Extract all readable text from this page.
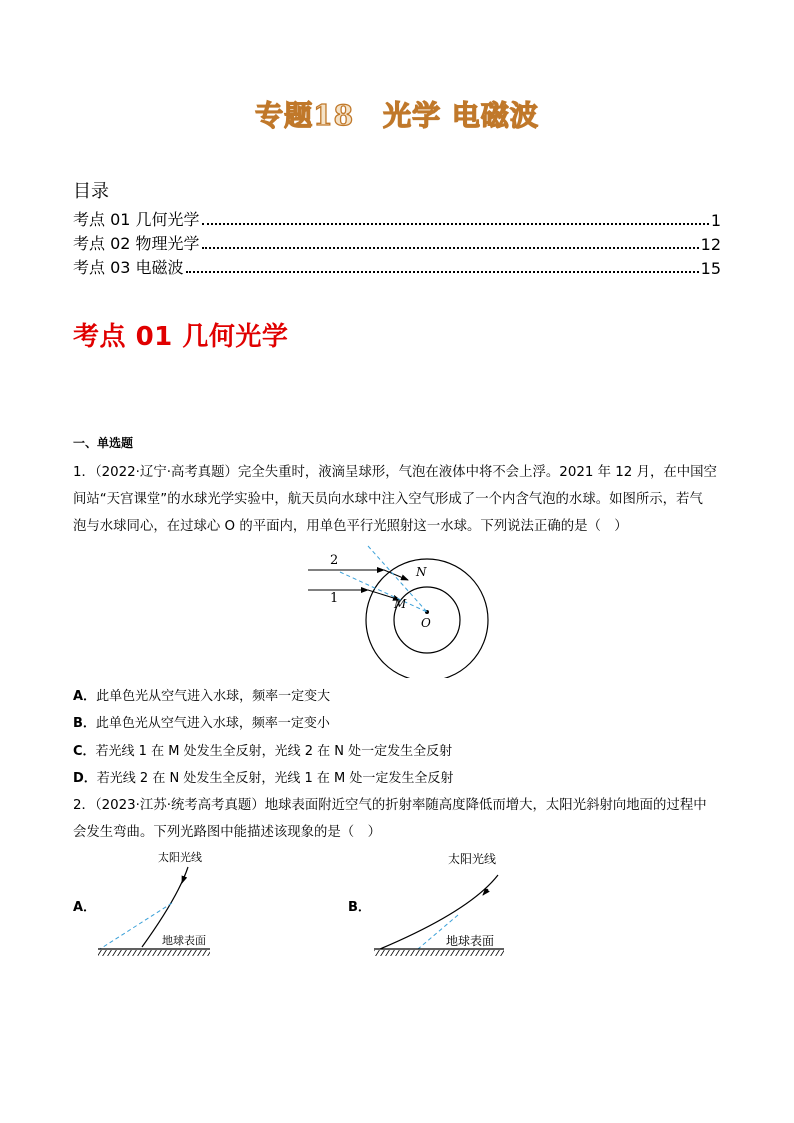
专题18　光学 电磁波
目录
考点 01 几何光学	1
考点 02 物理光学	12
考点 03 电磁波	15
考点 01 几何光学
一、单选题
1．（2022·辽宁·高考真题）完全失重时，液滴呈球形，气泡在液体中将不会上浮。2021 年 12 月，在中国空
间站“天宫课堂”的水球光学实验中，航天员向水球中注入空气形成了一个内含气泡的水球。如图所示，若气
泡与水球同心，在过球心 O 的平面内，用单色平行光照射这一水球。下列说法正确的是（　）
2
1
N
M
O
A．此单色光从空气进入水球，频率一定变大
B．此单色光从空气进入水球，频率一定变小
C．若光线 1 在 M 处发生全反射，光线 2 在 N 处一定发生全反射
D．若光线 2 在 N 处发生全反射，光线 1 在 M 处一定发生全反射
2．（2023·江苏·统考高考真题）地球表面附近空气的折射率随高度降低而增大，太阳光斜射向地面的过程中
会发生弯曲。下列光路图中能描述该现象的是（　）
A．
太阳光线
地球表面
B．
太阳光线
地球表面
